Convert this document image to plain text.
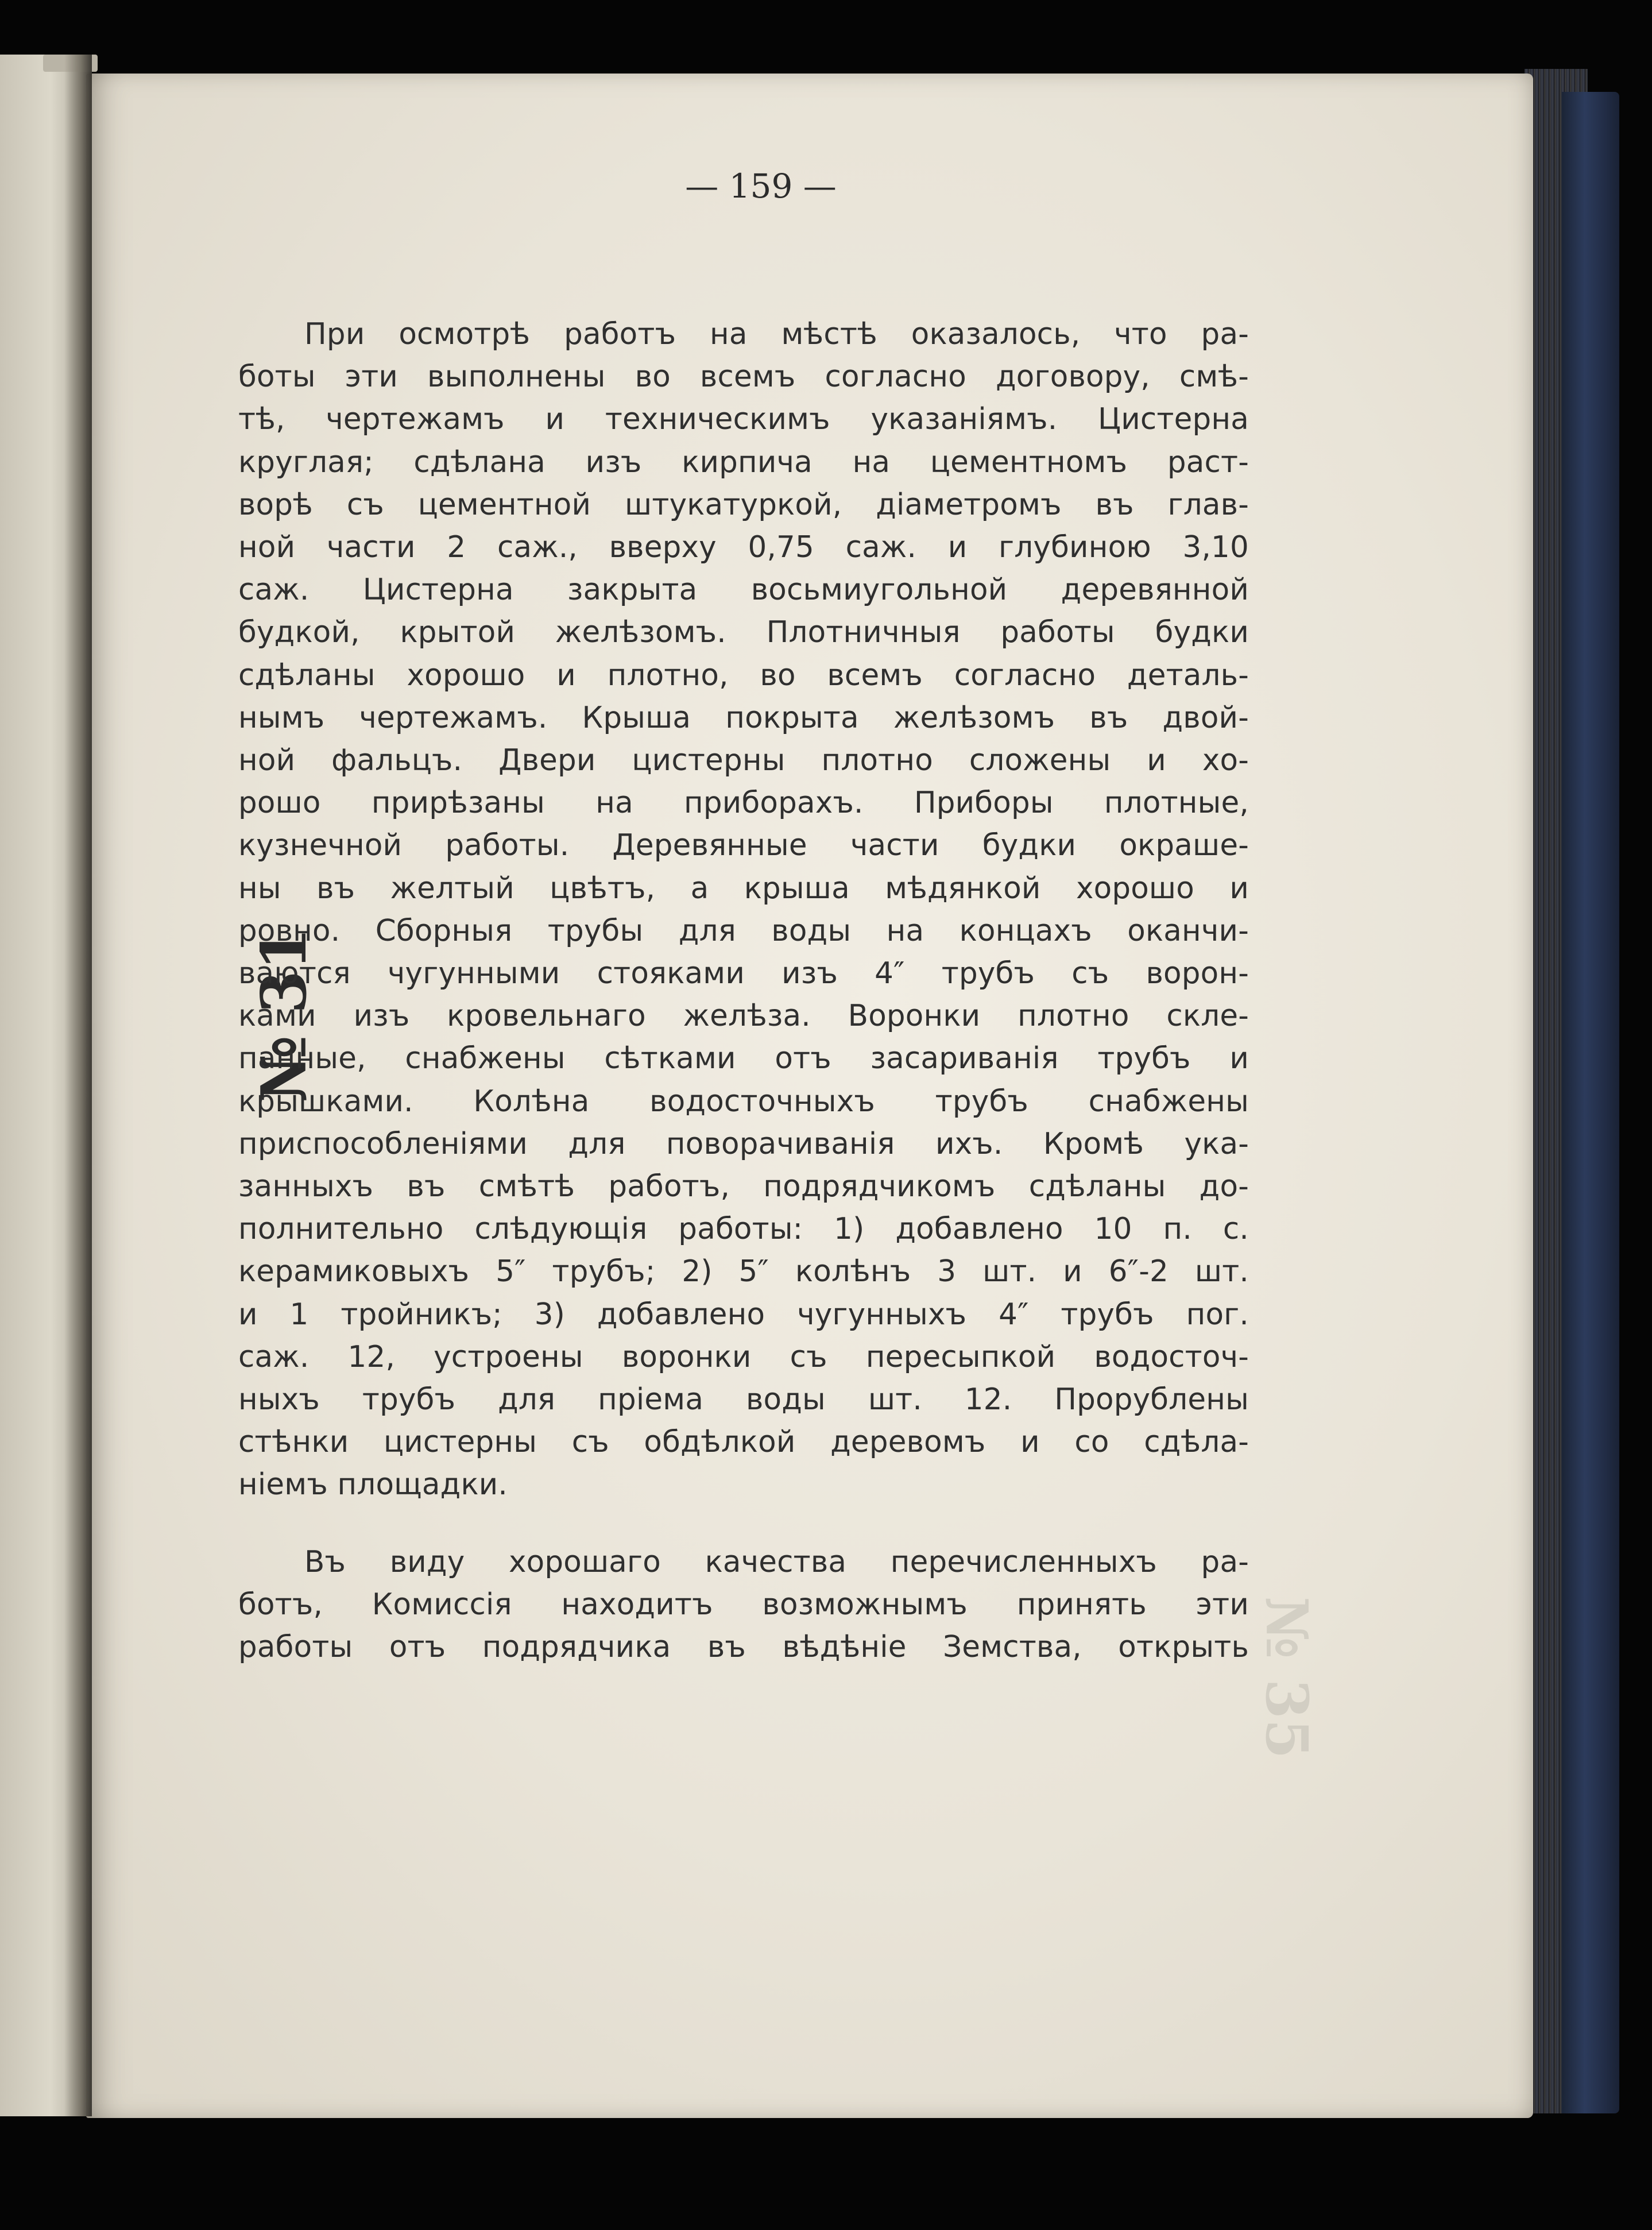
— 159 —
№ 31
№ 35
При осмотрѣ работъ на мѣстѣ оказалось, что ра-
боты эти выполнены во всемъ согласно договору, смѣ-
тѣ, чертежамъ и техническимъ указаніямъ. Цистерна
круглая; сдѣлана изъ кирпича на цементномъ раст-
ворѣ съ цементной штукатуркой, діаметромъ въ глав-
ной части 2 саж., вверху 0,75 саж. и глубиною 3,10
саж. Цистерна закрыта восьмиугольной деревянной
будкой, крытой желѣзомъ. Плотничныя работы будки
сдѣланы хорошо и плотно, во всемъ согласно деталь-
нымъ чертежамъ. Крыша покрыта желѣзомъ въ двой-
ной фальцъ. Двери цистерны плотно сложены и хо-
рошо прирѣзаны на приборахъ. Приборы плотные,
кузнечной работы. Деревянные части будки окраше-
ны въ желтый цвѣтъ, а крыша мѣдянкой хорошо и
ровно. Сборныя трубы для воды на концахъ оканчи-
ваются чугунными стояками изъ 4″ трубъ съ ворон-
ками изъ кровельнаго желѣза. Воронки плотно скле-
панные, снабжены сѣтками отъ засариванія трубъ и
крышками. Колѣна водосточныхъ трубъ снабжены
приспособленіями для поворачиванія ихъ. Кромѣ ука-
занныхъ въ смѣтѣ работъ, подрядчикомъ сдѣланы до-
полнительно слѣдующія работы: 1) добавлено 10 п. с.
керамиковыхъ 5″ трубъ; 2) 5″ колѣнъ 3 шт. и 6″-2 шт.
и 1 тройникъ; 3) добавлено чугунныхъ 4″ трубъ пог.
саж. 12, устроены воронки съ пересыпкой водосточ-
ныхъ трубъ для пріема воды шт. 12. Прорублены
стѣнки цистерны съ обдѣлкой деревомъ и со сдѣла-
ніемъ площадки.
Въ виду хорошаго качества перечисленныхъ ра-
ботъ, Комиссія находитъ возможнымъ принять эти
работы отъ подрядчика въ вѣдѣніе Земства, открыть
